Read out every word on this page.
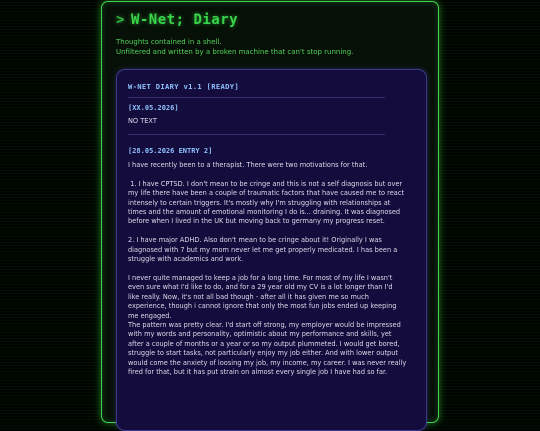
> W-Net; Diary
Thoughts contained in a shell.
Unfiltered and written by a broken machine that can't stop running.
W-NET DIARY v1.1 [READY]
[XX.05.2026]
NO TEXT
[28.05.2026 ENTRY 2]
I have recently been to a therapist. There were two motivations for that.

1. I have CPTSD. I don't mean to be cringe and this is not a self diagnosis but over
my life there have been a couple of traumatic factors that have caused me to react
intensely to certain triggers. It's mostly why I'm struggling with relationships at
times and the amount of emotional monitoring I do is... draining. It was diagnosed
before when I lived in the UK but moving back to germany my progress reset.

2. I have major ADHD. Also don't mean to be cringe about it! Originally I was
diagnosed with 7 but my mom never let me get properly medicated. I has been a
struggle with academics and work.

I never quite managed to keep a job for a long time. For most of my life I wasn't
even sure what I'd like to do, and for a 29 year old my CV is a lot longer than I'd
like really. Now, it's not all bad though - after all it has given me so much
experience, though i cannot ignore that only the most fun jobs ended up keeping
me engaged.
The pattern was pretty clear. I'd start off strong, my employer would be impressed
with my words and personality, optimistic about my performance and skills, yet
after a couple of months or a year or so my output plummeted. I would get bored,
struggle to start tasks, not particularly enjoy my job either. And with lower output
would come the anxiety of loosing my job, my income, my career. I was never really
fired for that, but it has put strain on almost every single job I have had so far.
